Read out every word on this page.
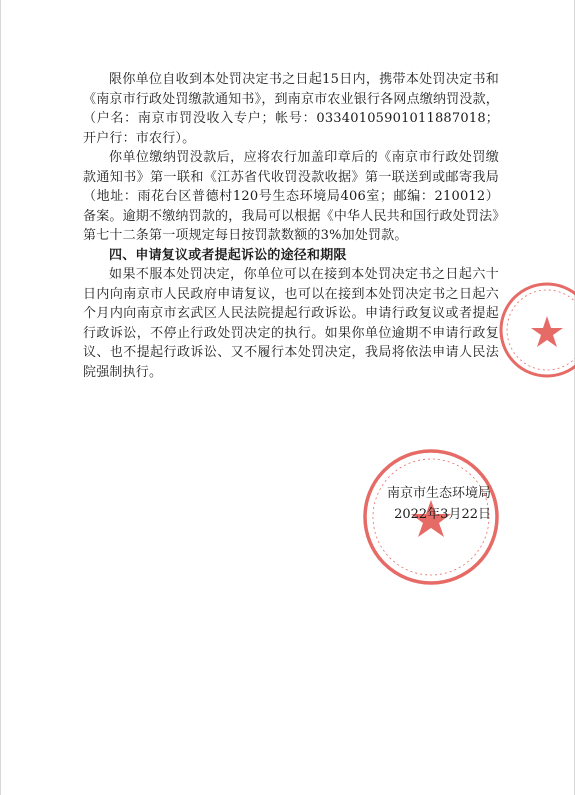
限你单位自收到本处罚决定书之日起15日内，携带本处罚决定书和《南京市行政处罚缴款通知书》，到南京市农业银行各网点缴纳罚没款，（户名：南京市罚没收入专户；帐号：03340105901011887018；开户行：市农行）。

你单位缴纳罚没款后，应将农行加盖印章后的《南京市行政处罚缴款通知书》第一联和《江苏省代收罚没款收据》第一联送到或邮寄我局（地址：雨花台区普德村120号生态环境局406室；邮编：210012）备案。逾期不缴纳罚款的，我局可以根据《中华人民共和国行政处罚法》第七十二条第一项规定每日按罚款数额的3%加处罚款。

四、申请复议或者提起诉讼的途径和期限

如果不服本处罚决定，你单位可以在接到本处罚决定书之日起六十日内向南京市人民政府申请复议，也可以在接到本处罚决定书之日起六个月内向南京市玄武区人民法院提起行政诉讼。申请行政复议或者提起行政诉讼，不停止行政处罚决定的执行。如果你单位逾期不申请行政复议、也不提起行政诉讼、又不履行本处罚决定，我局将依法申请人民法院强制执行。

南京市生态环境局
2022年3月22日
